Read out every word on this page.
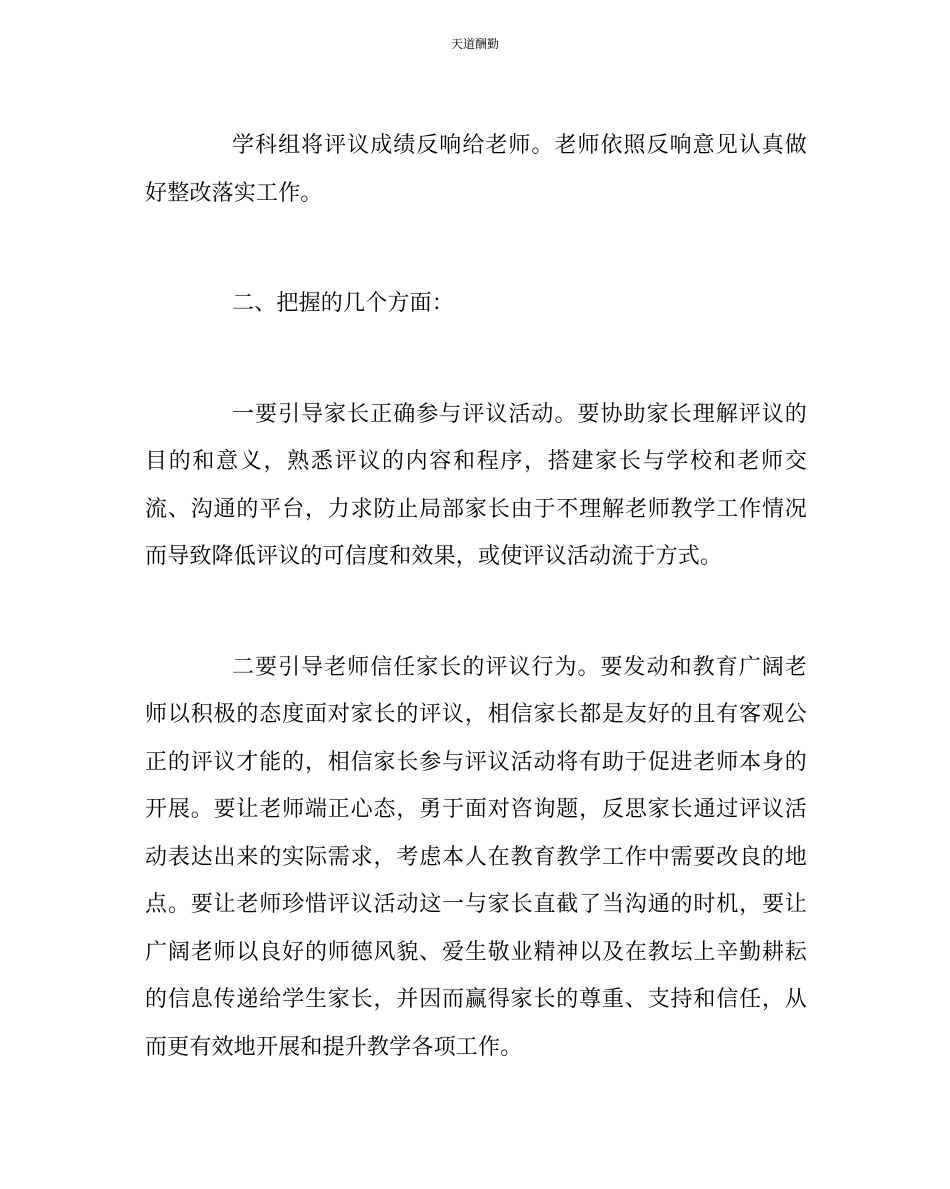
天道酬勤

学科组将评议成绩反响给老师。老师依照反响意见认真做好整改落实工作。

二、把握的几个方面：

一要引导家长正确参与评议活动。要协助家长理解评议的目的和意义，熟悉评议的内容和程序，搭建家长与学校和老师交流、沟通的平台，力求防止局部家长由于不理解老师教学工作情况而导致降低评议的可信度和效果，或使评议活动流于方式。

二要引导老师信任家长的评议行为。要发动和教育广阔老师以积极的态度面对家长的评议，相信家长都是友好的且有客观公正的评议才能的，相信家长参与评议活动将有助于促进老师本身的开展。要让老师端正心态，勇于面对咨询题，反思家长通过评议活动表达出来的实际需求，考虑本人在教育教学工作中需要改良的地点。要让老师珍惜评议活动这一与家长直截了当沟通的时机，要让广阔老师以良好的师德风貌、爱生敬业精神以及在教坛上辛勤耕耘的信息传递给学生家长，并因而赢得家长的尊重、支持和信任，从而更有效地开展和提升教学各项工作。
